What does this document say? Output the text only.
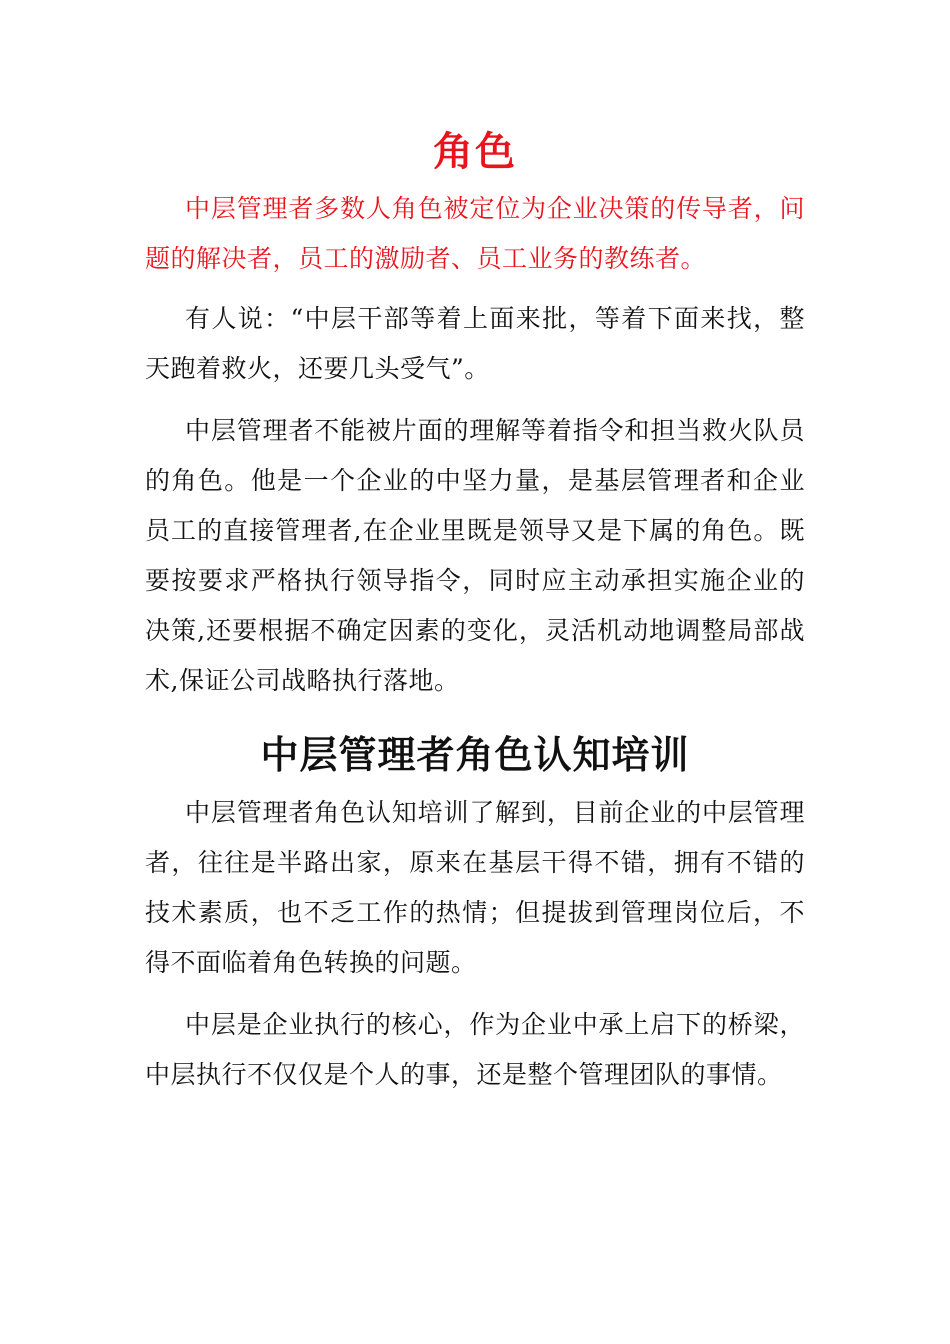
角色

中层管理者多数人角色被定位为企业决策的传导者，问题的解决者，员工的激励者、员工业务的教练者。

有人说：“中层干部等着上面来批，等着下面来找，整天跑着救火，还要几头受气”。

中层管理者不能被片面的理解等着指令和担当救火队员的角色。他是一个企业的中坚力量，是基层管理者和企业员工的直接管理者,在企业里既是领导又是下属的角色。既要按要求严格执行领导指令，同时应主动承担实施企业的决策,还要根据不确定因素的变化，灵活机动地调整局部战术,保证公司战略执行落地。

中层管理者角色认知培训

中层管理者角色认知培训了解到，目前企业的中层管理者，往往是半路出家，原来在基层干得不错，拥有不错的技术素质，也不乏工作的热情；但提拔到管理岗位后，不得不面临着角色转换的问题。

中层是企业执行的核心，作为企业中承上启下的桥梁，中层执行不仅仅是个人的事，还是整个管理团队的事情。
